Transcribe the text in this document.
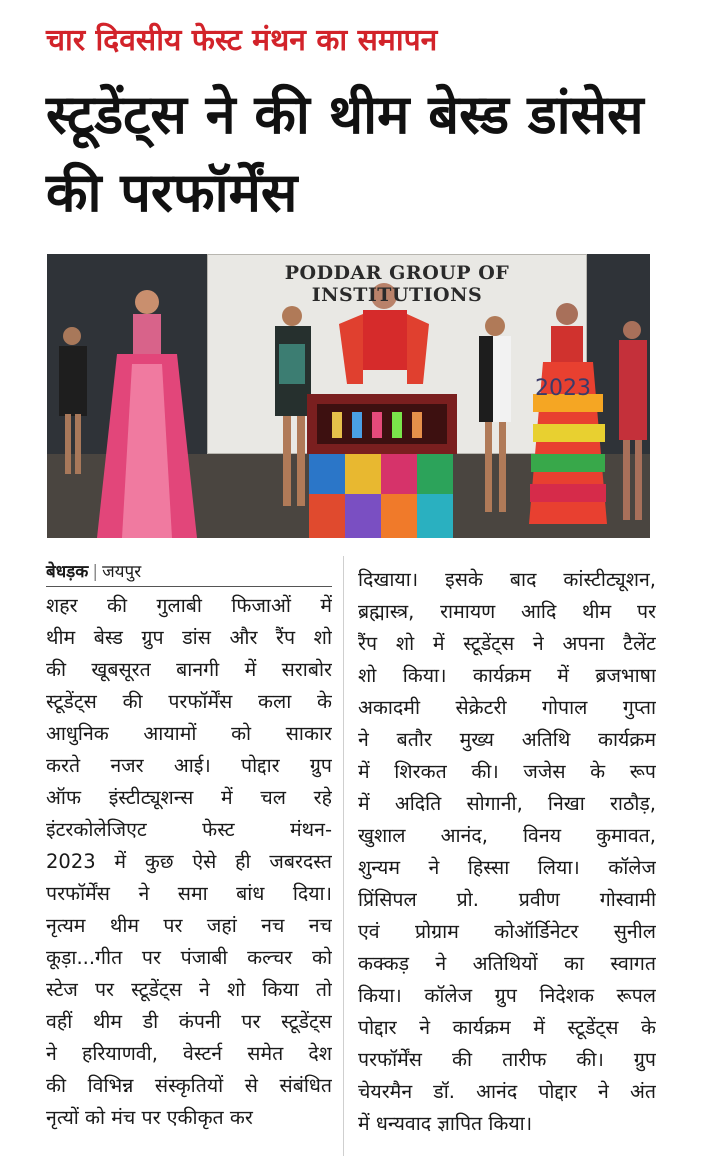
चार दिवसीय फेस्ट मंथन का समापन
स्टूडेंट्स ने की थीम बेस्ड डांसेस की परफॉर्मेंस
PODDAR GROUP OF INSTITUTIONS
2023
बेधड़क | जयपुर
शहर की गुलाबी फिजाओं में
थीम बेस्ड ग्रुप डांस और रैंप शो
की खूबसूरत बानगी में सराबोर
स्टूडेंट्स की परफॉर्मेंस कला के
आधुनिक आयामों को साकार
करते नजर आई। पोद्दार ग्रुप
ऑफ इंस्टीट्यूशन्स में चल रहे
इंटरकोलेजिएट फेस्ट मंथन-
2023 में कुछ ऐसे ही जबरदस्त
परफॉर्मेंस ने समा बांध दिया।
नृत्यम थीम पर जहां नच नच
कूड़ा...गीत पर पंजाबी कल्चर को
स्टेज पर स्टूडेंट्स ने शो किया तो
वहीं थीम डी कंपनी पर स्टूडेंट्स
ने हरियाणवी, वेस्टर्न समेत देश
की विभिन्न संस्कृतियों से संबंधित
नृत्यों को मंच पर एकीकृत कर
दिखाया। इसके बाद कांस्टीट्यूशन,
ब्रह्मास्त्र, रामायण आदि थीम पर
रैंप शो में स्टूडेंट्स ने अपना टैलेंट
शो किया। कार्यक्रम में ब्रजभाषा
अकादमी सेक्रेटरी गोपाल गुप्ता
ने बतौर मुख्य अतिथि कार्यक्रम
में शिरकत की। जजेस के रूप
में अदिति सोगानी, निखा राठौड़,
खुशाल आनंद, विनय कुमावत,
शुन्यम ने हिस्सा लिया। कॉलेज
प्रिंसिपल प्रो. प्रवीण गोस्वामी
एवं प्रोग्राम कोऑर्डिनेटर सुनील
कक्कड़ ने अतिथियों का स्वागत
किया। कॉलेज ग्रुप निदेशक रूपल
पोद्दार ने कार्यक्रम में स्टूडेंट्स के
परफॉर्मेंस की तारीफ की। ग्रुप
चेयरमैन डॉ. आनंद पोद्दार ने अंत
में धन्यवाद ज्ञापित किया।
